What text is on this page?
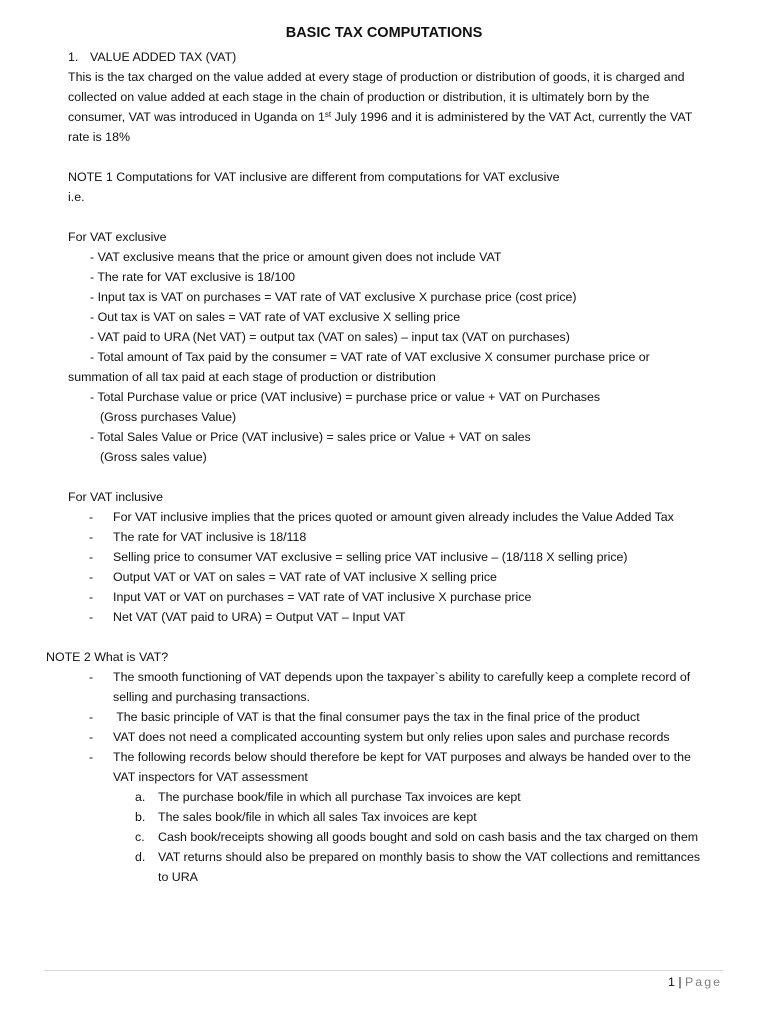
BASIC TAX COMPUTATIONS
1. VALUE ADDED TAX (VAT)
This is the tax charged on the value added at every stage of production or distribution of goods, it is charged and
collected on value added at each stage in the chain of production or distribution, it is ultimately born by the
consumer, VAT was introduced in Uganda on 1st July 1996 and it is administered by the VAT Act, currently the VAT
rate is 18%
NOTE 1 Computations for VAT inclusive are different from computations for VAT exclusive
i.e.
For VAT exclusive
- VAT exclusive means that the price or amount given does not include VAT
- The rate for VAT exclusive is 18/100
- Input tax is VAT on purchases = VAT rate of VAT exclusive X purchase price (cost price)
- Out tax is VAT on sales = VAT rate of VAT exclusive X selling price
- VAT paid to URA (Net VAT) = output tax (VAT on sales) – input tax (VAT on purchases)
- Total amount of Tax paid by the consumer = VAT rate of VAT exclusive X consumer purchase price or
summation of all tax paid at each stage of production or distribution
- Total Purchase value or price (VAT inclusive) = purchase price or value + VAT on Purchases
(Gross purchases Value)
- Total Sales Value or Price (VAT inclusive) = sales price or Value + VAT on sales
(Gross sales value)
For VAT inclusive
- For VAT inclusive implies that the prices quoted or amount given already includes the Value Added Tax
- The rate for VAT inclusive is 18/118
- Selling price to consumer VAT exclusive = selling price VAT inclusive – (18/118 X selling price)
- Output VAT or VAT on sales = VAT rate of VAT inclusive X selling price
- Input VAT or VAT on purchases = VAT rate of VAT inclusive X purchase price
- Net VAT (VAT paid to URA) = Output VAT – Input VAT
NOTE 2 What is VAT?
- The smooth functioning of VAT depends upon the taxpayer`s ability to carefully keep a complete record of
selling and purchasing transactions.
- The basic principle of VAT is that the final consumer pays the tax in the final price of the product
- VAT does not need a complicated accounting system but only relies upon sales and purchase records
- The following records below should therefore be kept for VAT purposes and always be handed over to the
VAT inspectors for VAT assessment
a. The purchase book/file in which all purchase Tax invoices are kept
b. The sales book/file in which all sales Tax invoices are kept
c. Cash book/receipts showing all goods bought and sold on cash basis and the tax charged on them
d. VAT returns should also be prepared on monthly basis to show the VAT collections and remittances
to URA
1 | Page
